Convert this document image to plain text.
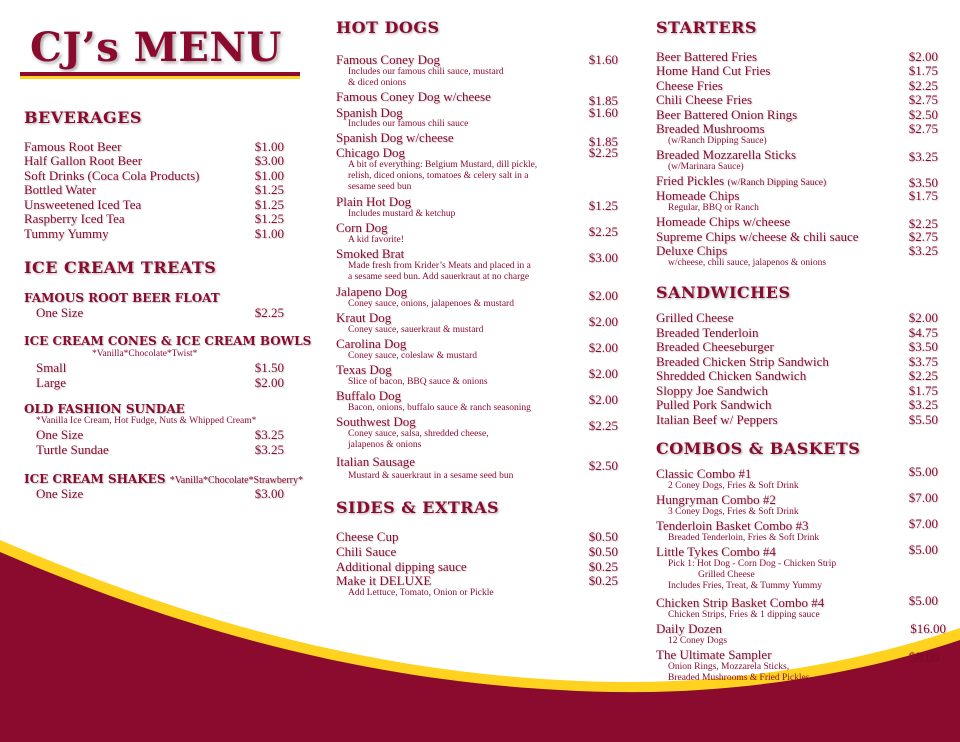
CJ’s MENU
BEVERAGES
Famous Root Beer	$1.00
Half Gallon Root Beer	$3.00
Soft Drinks (Coca Cola Products)	$1.00
Bottled Water	$1.25
Unsweetened Iced Tea	$1.25
Raspberry Iced Tea	$1.25
Tummy Yummy	$1.00
ICE CREAM TREATS
FAMOUS ROOT BEER FLOAT
One Size	$2.25
ICE CREAM CONES & ICE CREAM BOWLS
*Vanilla*Chocolate*Twist*
Small	$1.50
Large	$2.00
OLD FASHION SUNDAE
*Vanilla Ice Cream, Hot Fudge, Nuts & Whipped Cream*
One Size	$3.25
Turtle Sundae	$3.25
ICE CREAM SHAKES *Vanilla*Chocolate*Strawberry*
One Size	$3.00
HOT DOGS
Famous Coney Dog	$1.60
Includes our famous chili sauce, mustard
& diced onions
Famous Coney Dog w/cheese	$1.85
Spanish Dog	$1.60
Includes our famous chili sauce
Spanish Dog w/cheese	$1.85
Chicago Dog	$2.25
A bit of everything: Belgium Mustard, dill pickle,
relish, diced onions, tomatoes & celery salt in a
sesame seed bun
Plain Hot Dog	$1.25
Includes mustard & ketchup
Corn Dog	$2.25
A kid favorite!
Smoked Brat	$3.00
Made fresh from Krider’s Meats and placed in a
a sesame seed bun. Add sauerkraut at no charge
Jalapeno Dog	$2.00
Coney sauce, onions, jalapenoes & mustard
Kraut Dog	$2.00
Coney sauce, sauerkraut & mustard
Carolina Dog	$2.00
Coney sauce, coleslaw & mustard
Texas Dog	$2.00
Slice of bacon, BBQ sauce & onions
Buffalo Dog	$2.00
Bacon, onions, buffalo sauce & ranch seasoning
Southwest Dog	$2.25
Coney sauce, salsa, shredded cheese,
jalapenos & onions
Italian Sausage	$2.50
Mustard & sauerkraut in a sesame seed bun
SIDES & EXTRAS
Cheese Cup	$0.50
Chili Sauce	$0.50
Additional dipping sauce	$0.25
Make it DELUXE	$0.25
Add Lettuce, Tomato, Onion or Pickle
STARTERS
Beer Battered Fries	$2.00
Home Hand Cut Fries	$1.75
Cheese Fries	$2.25
Chili Cheese Fries	$2.75
Beer Battered Onion Rings	$2.50
Breaded Mushrooms	$2.75
(w/Ranch Dipping Sauce)
Breaded Mozzarella Sticks	$3.25
(w/Marinara Sauce)
Fried Pickles (w/Ranch Dipping Sauce)	$3.50
Homeade Chips	$1.75
Regular, BBQ or Ranch
Homeade Chips w/cheese	$2.25
Supreme Chips w/cheese & chili sauce	$2.75
Deluxe Chips	$3.25
w/cheese, chili sauce, jalapenos & onions
SANDWICHES
Grilled Cheese	$2.00
Breaded Tenderloin	$4.75
Breaded Cheeseburger	$3.50
Breaded Chicken Strip Sandwich	$3.75
Shredded Chicken Sandwich	$2.25
Sloppy Joe Sandwich	$1.75
Pulled Pork Sandwich	$3.25
Italian Beef w/ Peppers	$5.50
COMBOS & BASKETS
Classic Combo #1	$5.00
2 Coney Dogs, Fries & Soft Drink
Hungryman Combo #2	$7.00
3 Coney Dogs, Fries & Soft Drink
Tenderloin Basket Combo #3	$7.00
Breaded Tenderloin, Fries & Soft Drink
Little Tykes Combo #4	$5.00
Pick 1: Hot Dog - Corn Dog - Chicken Strip
Grilled Cheese
Includes Fries, Treat, & Tummy Yummy
Chicken Strip Basket Combo #4	$5.00
Chicken Strips, Fries & 1 dipping sauce
Daily Dozen	$16.00
12 Coney Dogs
The Ultimate Sampler	$8.00
Onion Rings, Mozzarela Sticks,
Breaded Mushrooms & Fried Pickles
